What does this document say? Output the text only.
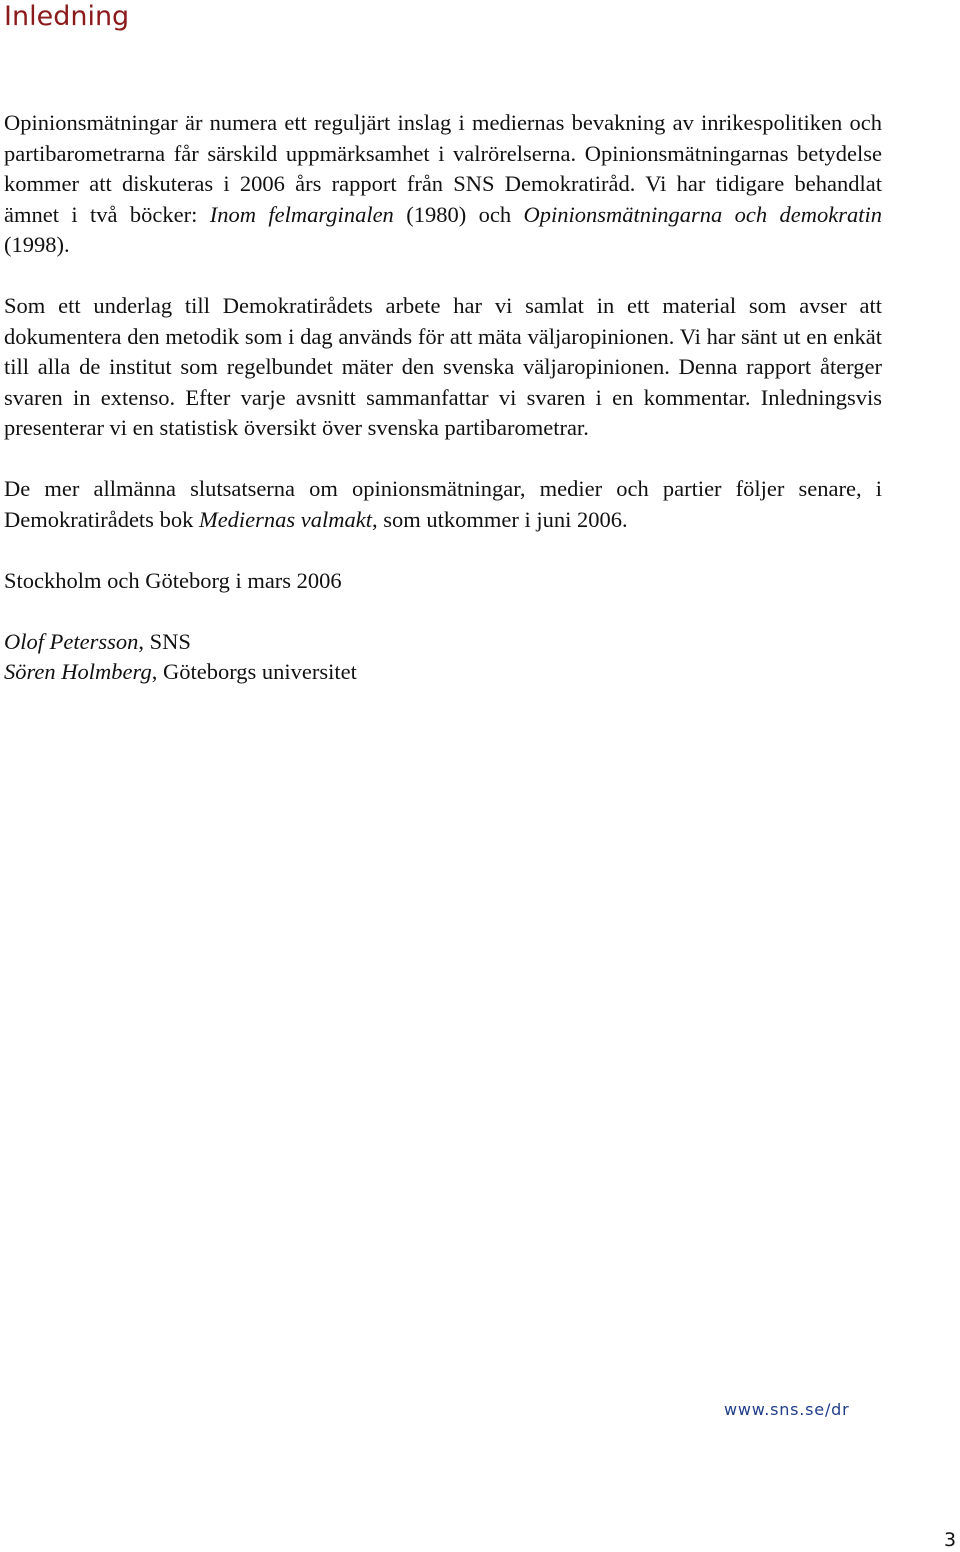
Inledning

Opinionsmätningar är numera ett reguljärt inslag i mediernas bevakning av inrikespolitiken och partibarometrarna får särskild uppmärksamhet i valrörelserna. Opinionsmätningarnas betydelse kommer att diskuteras i 2006 års rapport från SNS Demokratiråd. Vi har tidigare behandlat ämnet i två böcker: Inom felmarginalen (1980) och Opinionsmätningarna och demokratin (1998).

Som ett underlag till Demokratirådets arbete har vi samlat in ett material som avser att dokumentera den metodik som i dag används för att mäta väljaropinionen. Vi har sänt ut en enkät till alla de institut som regelbundet mäter den svenska väljaropinionen. Denna rapport återger svaren in extenso. Efter varje avsnitt sammanfattar vi svaren i en kommentar. Inledningsvis presenterar vi en statistisk översikt över svenska partibarometrar.

De mer allmänna slutsatserna om opinionsmätningar, medier och partier följer senare, i Demokratirådets bok Mediernas valmakt, som utkommer i juni 2006.

Stockholm och Göteborg i mars 2006

Olof Petersson, SNS

Sören Holmberg, Göteborgs universitet

www.sns.se/dr
3
